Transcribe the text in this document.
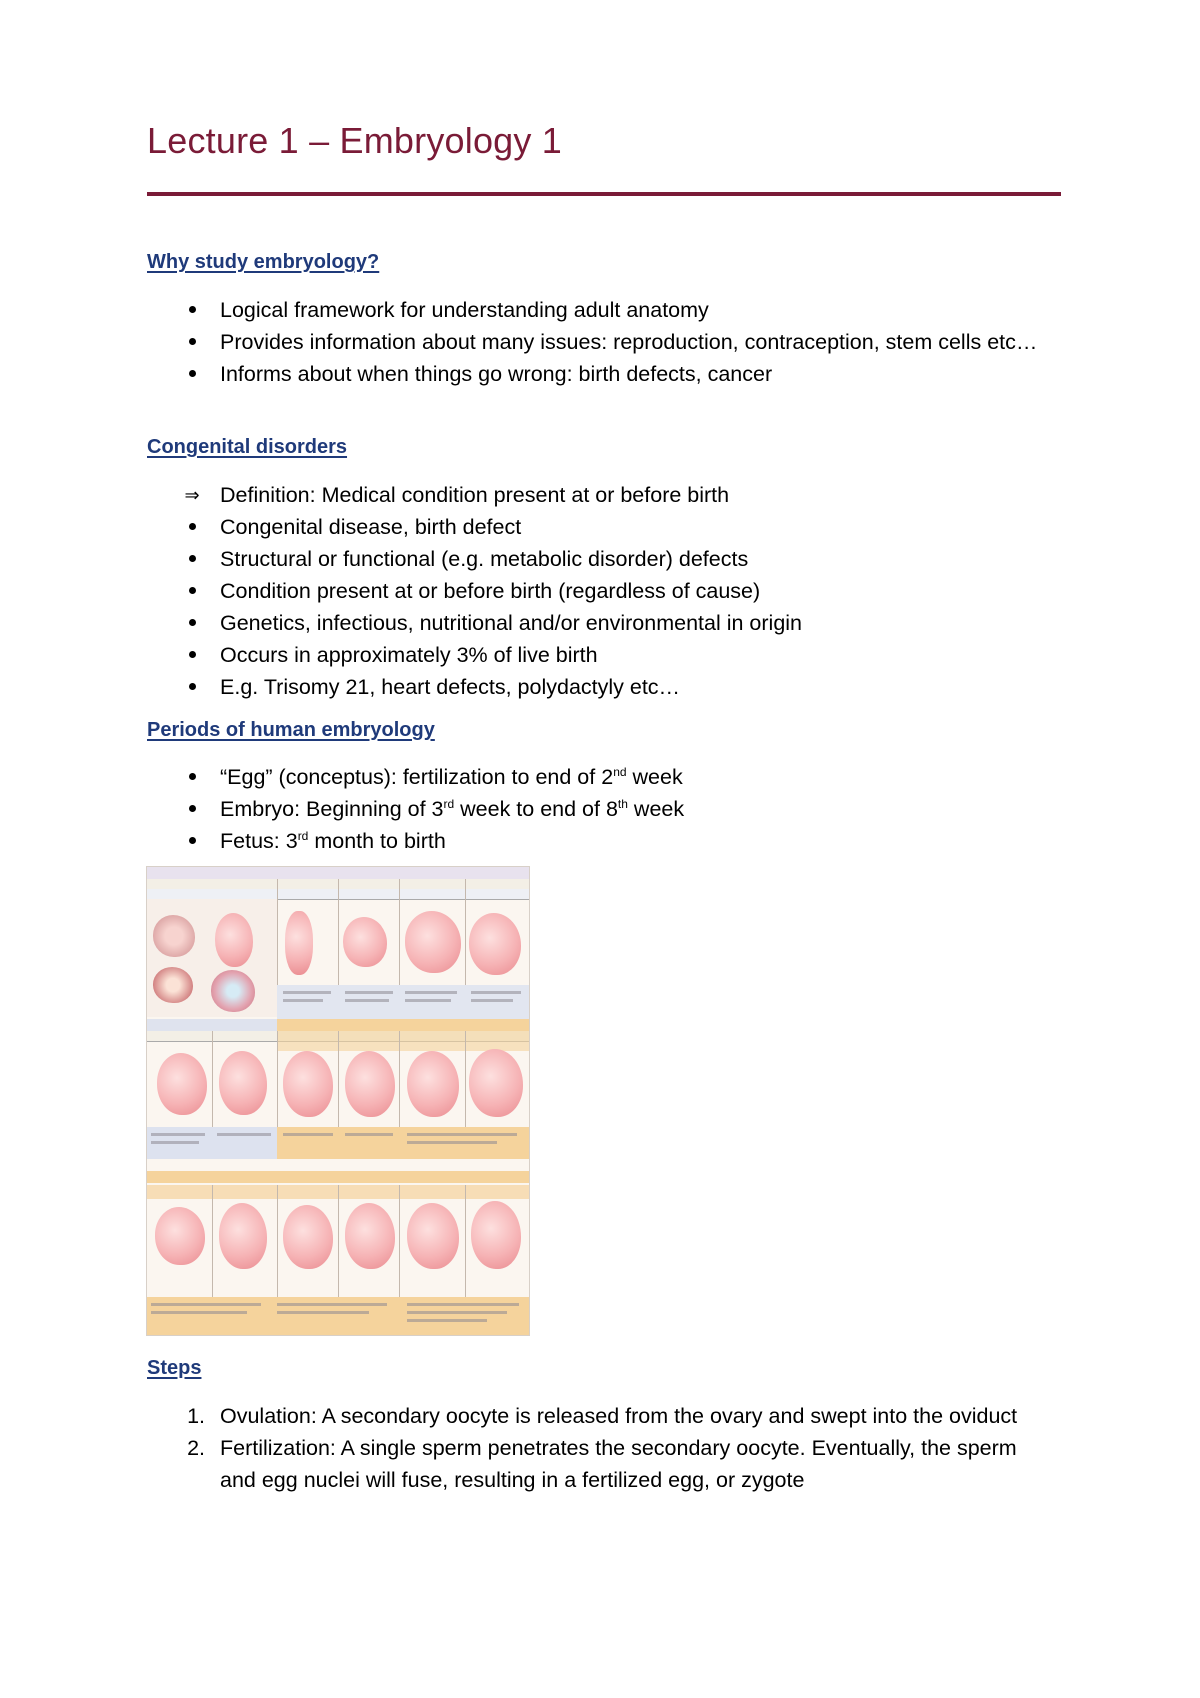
Lecture 1 – Embryology 1
Why study embryology?
Logical framework for understanding adult anatomy
Provides information about many issues: reproduction, contraception, stem cells etc…
Informs about when things go wrong: birth defects, cancer
Congenital disorders
⇒ Definition: Medical condition present at or before birth
Congenital disease, birth defect
Structural or functional (e.g. metabolic disorder) defects
Condition present at or before birth (regardless of cause)
Genetics, infectious, nutritional and/or environmental in origin
Occurs in approximately 3% of live birth
E.g. Trisomy 21, heart defects, polydactyly etc…
Periods of human embryology
“Egg” (conceptus): fertilization to end of 2nd week
Embryo: Beginning of 3rd week to end of 8th week
Fetus: 3rd month to birth
Steps
1. Ovulation: A secondary oocyte is released from the ovary and swept into the oviduct
2. Fertilization: A single sperm penetrates the secondary oocyte. Eventually, the sperm and egg nuclei will fuse, resulting in a fertilized egg, or zygote
